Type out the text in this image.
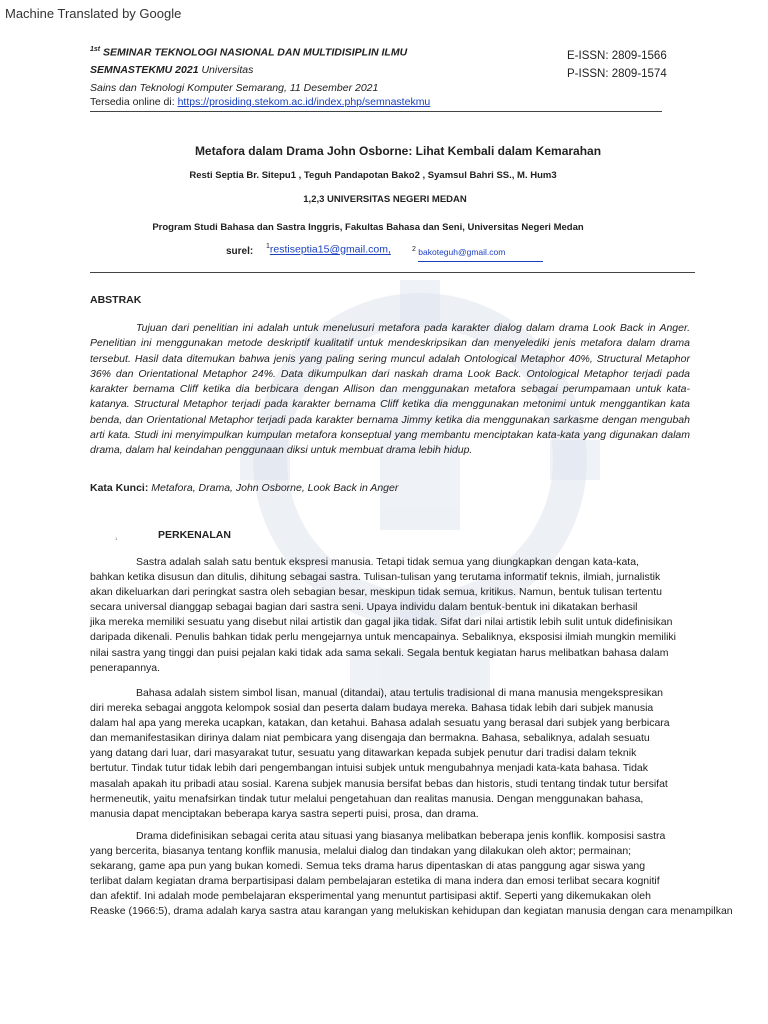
Machine Translated by Google
$^{1st}$ SEMINAR TEKNOLOGI NASIONAL DAN MULTIDISIPLIN ILMU
SEMNASTEKMU 2021 Universitas
Sains dan Teknologi Komputer Semarang, 11 Desember 2021
Tersedia online di: https://prosiding.stekom.ac.id/index.php/semnastekmu
E-ISSN: 2809-1566
P-ISSN: 2809-1574
Metafora dalam Drama John Osborne: Lihat Kembali dalam Kemarahan
Resti Septia Br. Sitepu1 , Teguh Pandapotan Bako2 , Syamsul Bahri SS., M. Hum3
1,2,3 UNIVERSITAS NEGERI MEDAN
Program Studi Bahasa dan Sastra Inggris, Fakultas Bahasa dan Seni, Universitas Negeri Medan
surel: $^1$restiseptia15@gmail.com,	$^2$ bakoteguh@gmail.com
ABSTRAK
Tujuan dari penelitian ini adalah untuk menelusuri metafora pada karakter dialog dalam drama Look Back in Anger. Penelitian ini menggunakan metode deskriptif kualitatif untuk mendeskripsikan dan menyelediki jenis metafora dalam drama tersebut. Hasil data ditemukan bahwa jenis yang paling sering muncul adalah Ontological Metaphor 40%, Structural Metaphor 36% dan Orientational Metaphor 24%. Data dikumpulkan dari naskah drama Look Back. Ontological Metaphor terjadi pada karakter bernama Cliff ketika dia berbicara dengan Allison dan menggunakan metafora sebagai perumpamaan untuk kata-katanya. Structural Metaphor terjadi pada karakter bernama Cliff ketika dia menggunakan metonimi untuk menggantikan kata benda, dan Orientational Metaphor terjadi pada karakter bernama Jimmy ketika dia menggunakan sarkasme dengan mengubah arti kata. Studi ini menyimpulkan kumpulan metafora konseptual yang membantu menciptakan kata-kata yang digunakan dalam drama, dalam hal keindahan penggunaan diksi untuk membuat drama lebih hidup.
Kata Kunci: Metafora, Drama, John Osborne, Look Back in Anger
1	PERKENALAN
Sastra adalah salah satu bentuk ekspresi manusia. Tetapi tidak semua yang diungkapkan dengan kata-kata,
bahkan ketika disusun dan ditulis, dihitung sebagai sastra. Tulisan-tulisan yang terutama informatif teknis, ilmiah, jurnalistik
akan dikeluarkan dari peringkat sastra oleh sebagian besar, meskipun tidak semua, kritikus. Namun, bentuk tulisan tertentu
secara universal dianggap sebagai bagian dari sastra seni. Upaya individu dalam bentuk-bentuk ini dikatakan berhasil
jika mereka memiliki sesuatu yang disebut nilai artistik dan gagal jika tidak. Sifat dari nilai artistik lebih sulit untuk didefinisikan
daripada dikenali. Penulis bahkan tidak perlu mengejarnya untuk mencapainya. Sebaliknya, eksposisi ilmiah mungkin memiliki
nilai sastra yang tinggi dan puisi pejalan kaki tidak ada sama sekali. Segala bentuk kegiatan harus melibatkan bahasa dalam
penerapannya.
Bahasa adalah sistem simbol lisan, manual (ditandai), atau tertulis tradisional di mana manusia mengekspresikan
diri mereka sebagai anggota kelompok sosial dan peserta dalam budaya mereka. Bahasa tidak lebih dari subjek manusia
dalam hal apa yang mereka ucapkan, katakan, dan ketahui. Bahasa adalah sesuatu yang berasal dari subjek yang berbicara
dan memanifestasikan dirinya dalam niat pembicara yang disengaja dan bermakna. Bahasa, sebaliknya, adalah sesuatu
yang datang dari luar, dari masyarakat tutur, sesuatu yang ditawarkan kepada subjek penutur dari tradisi dalam teknik
bertutur. Tindak tutur tidak lebih dari pengembangan intuisi subjek untuk mengubahnya menjadi kata-kata bahasa. Tidak
masalah apakah itu pribadi atau sosial. Karena subjek manusia bersifat bebas dan historis, studi tentang tindak tutur bersifat
hermeneutik, yaitu menafsirkan tindak tutur melalui pengetahuan dan realitas manusia. Dengan menggunakan bahasa,
manusia dapat menciptakan beberapa karya sastra seperti puisi, prosa, dan drama.
Drama didefinisikan sebagai cerita atau situasi yang biasanya melibatkan beberapa jenis konflik. komposisi sastra
yang bercerita, biasanya tentang konflik manusia, melalui dialog dan tindakan yang dilakukan oleh aktor; permainan;
sekarang, game apa pun yang bukan komedi. Semua teks drama harus dipentaskan di atas panggung agar siswa yang
terlibat dalam kegiatan drama berpartisipasi dalam pembelajaran estetika di mana indera dan emosi terlibat secara kognitif
dan afektif. Ini adalah mode pembelajaran eksperimental yang menuntut partisipasi aktif. Seperti yang dikemukakan oleh
Reaske (1966:5), drama adalah karya sastra atau karangan yang melukiskan kehidupan dan kegiatan manusia dengan cara menampilkan
